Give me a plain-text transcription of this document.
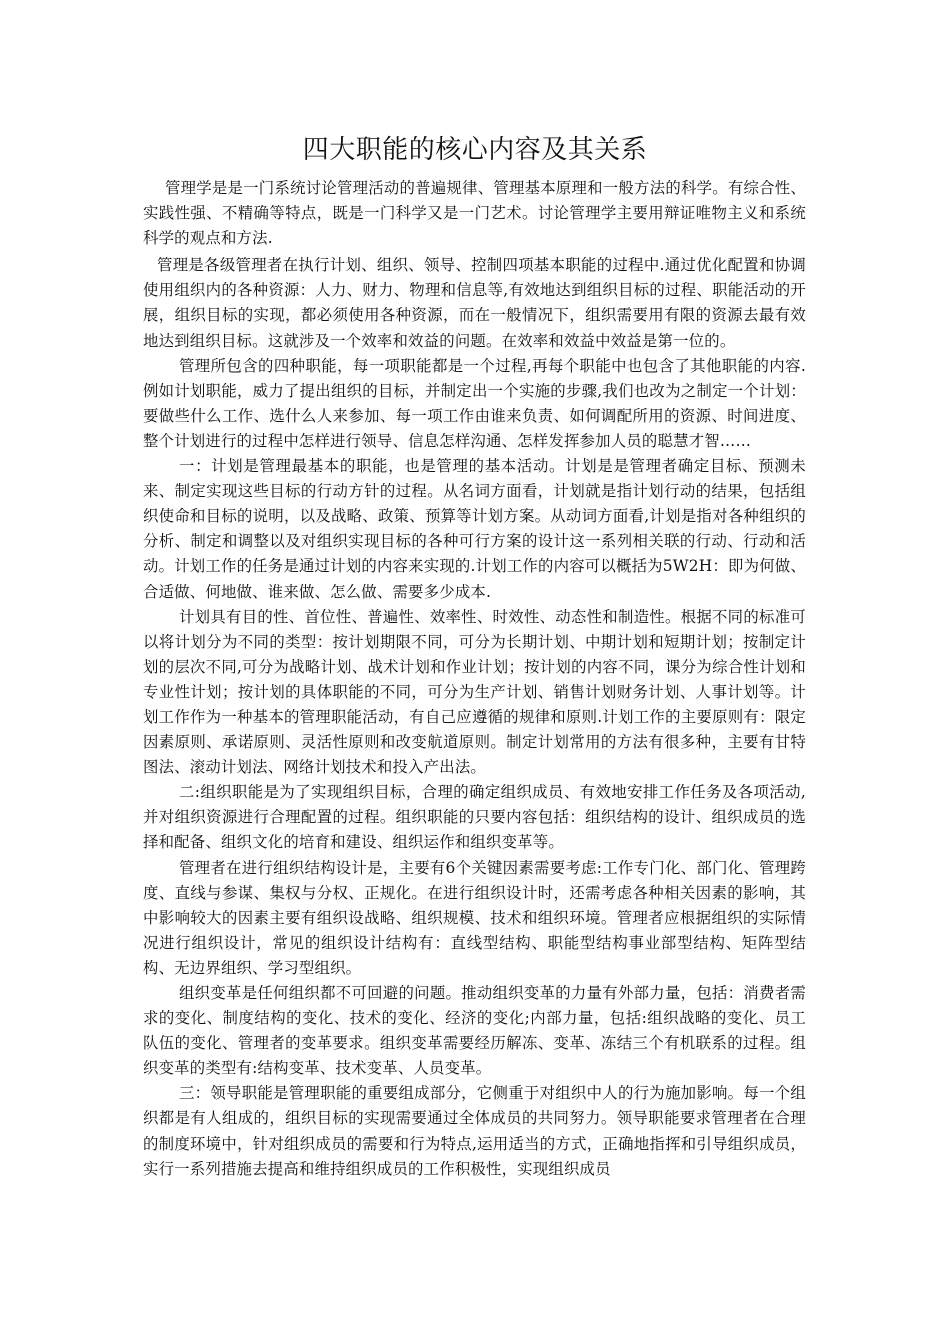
四大职能的核心内容及其关系

管理学是是一门系统讨论管理活动的普遍规律、管理基本原理和一般方法的科学。有综合性、实践性强、不精确等特点，既是一门科学又是一门艺术。讨论管理学主要用辩证唯物主义和系统科学的观点和方法.

管理是各级管理者在执行计划、组织、领导、控制四项基本职能的过程中.通过优化配置和协调使用组织内的各种资源：人力、财力、物理和信息等,有效地达到组织目标的过程、职能活动的开展，组织目标的实现，都必须使用各种资源，而在一般情况下，组织需要用有限的资源去最有效地达到组织目标。这就涉及一个效率和效益的问题。在效率和效益中效益是第一位的。

管理所包含的四种职能，每一项职能都是一个过程,再每个职能中也包含了其他职能的内容.例如计划职能，威力了提出组织的目标，并制定出一个实施的步骤,我们也改为之制定一个计划：要做些什么工作、选什么人来参加、每一项工作由谁来负责、如何调配所用的资源、时间进度、整个计划进行的过程中怎样进行领导、信息怎样沟通、怎样发挥参加人员的聪慧才智……

一：计划是管理最基本的职能，也是管理的基本活动。计划是是管理者确定目标、预测未来、制定实现这些目标的行动方针的过程。从名词方面看，计划就是指计划行动的结果，包括组织使命和目标的说明，以及战略、政策、预算等计划方案。从动词方面看,计划是指对各种组织的分析、制定和调整以及对组织实现目标的各种可行方案的设计这一系列相关联的行动、行动和活动。计划工作的任务是通过计划的内容来实现的.计划工作的内容可以概括为5W2H：即为何做、合适做、何地做、谁来做、怎么做、需要多少成本.

计划具有目的性、首位性、普遍性、效率性、时效性、动态性和制造性。根据不同的标准可以将计划分为不同的类型：按计划期限不同，可分为长期计划、中期计划和短期计划；按制定计划的层次不同,可分为战略计划、战术计划和作业计划；按计划的内容不同，课分为综合性计划和专业性计划；按计划的具体职能的不同，可分为生产计划、销售计划财务计划、人事计划等。计划工作作为一种基本的管理职能活动，有自己应遵循的规律和原则.计划工作的主要原则有：限定因素原则、承诺原则、灵活性原则和改变航道原则。制定计划常用的方法有很多种，主要有甘特图法、滚动计划法、网络计划技术和投入产出法。

二:组织职能是为了实现组织目标，合理的确定组织成员、有效地安排工作任务及各项活动,并对组织资源进行合理配置的过程。组织职能的只要内容包括：组织结构的设计、组织成员的选择和配备、组织文化的培育和建设、组织运作和组织变革等。

管理者在进行组织结构设计是，主要有6个关键因素需要考虑:工作专门化、部门化、管理跨度、直线与参谋、集权与分权、正规化。在进行组织设计时，还需考虑各种相关因素的影响，其中影响较大的因素主要有组织设战略、组织规模、技术和组织环境。管理者应根据组织的实际情况进行组织设计，常见的组织设计结构有：直线型结构、职能型结构事业部型结构、矩阵型结构、无边界组织、学习型组织。

组织变革是任何组织都不可回避的问题。推动组织变革的力量有外部力量，包括：消费者需求的变化、制度结构的变化、技术的变化、经济的变化;内部力量，包括:组织战略的变化、员工队伍的变化、管理者的变革要求。组织变革需要经历解冻、变革、冻结三个有机联系的过程。组织变革的类型有:结构变革、技术变革、人员变革。

三：领导职能是管理职能的重要组成部分，它侧重于对组织中人的行为施加影响。每一个组织都是有人组成的，组织目标的实现需要通过全体成员的共同努力。领导职能要求管理者在合理的制度环境中，针对组织成员的需要和行为特点,运用适当的方式，正确地指挥和引导组织成员，实行一系列措施去提高和维持组织成员的工作积极性，实现组织成员
